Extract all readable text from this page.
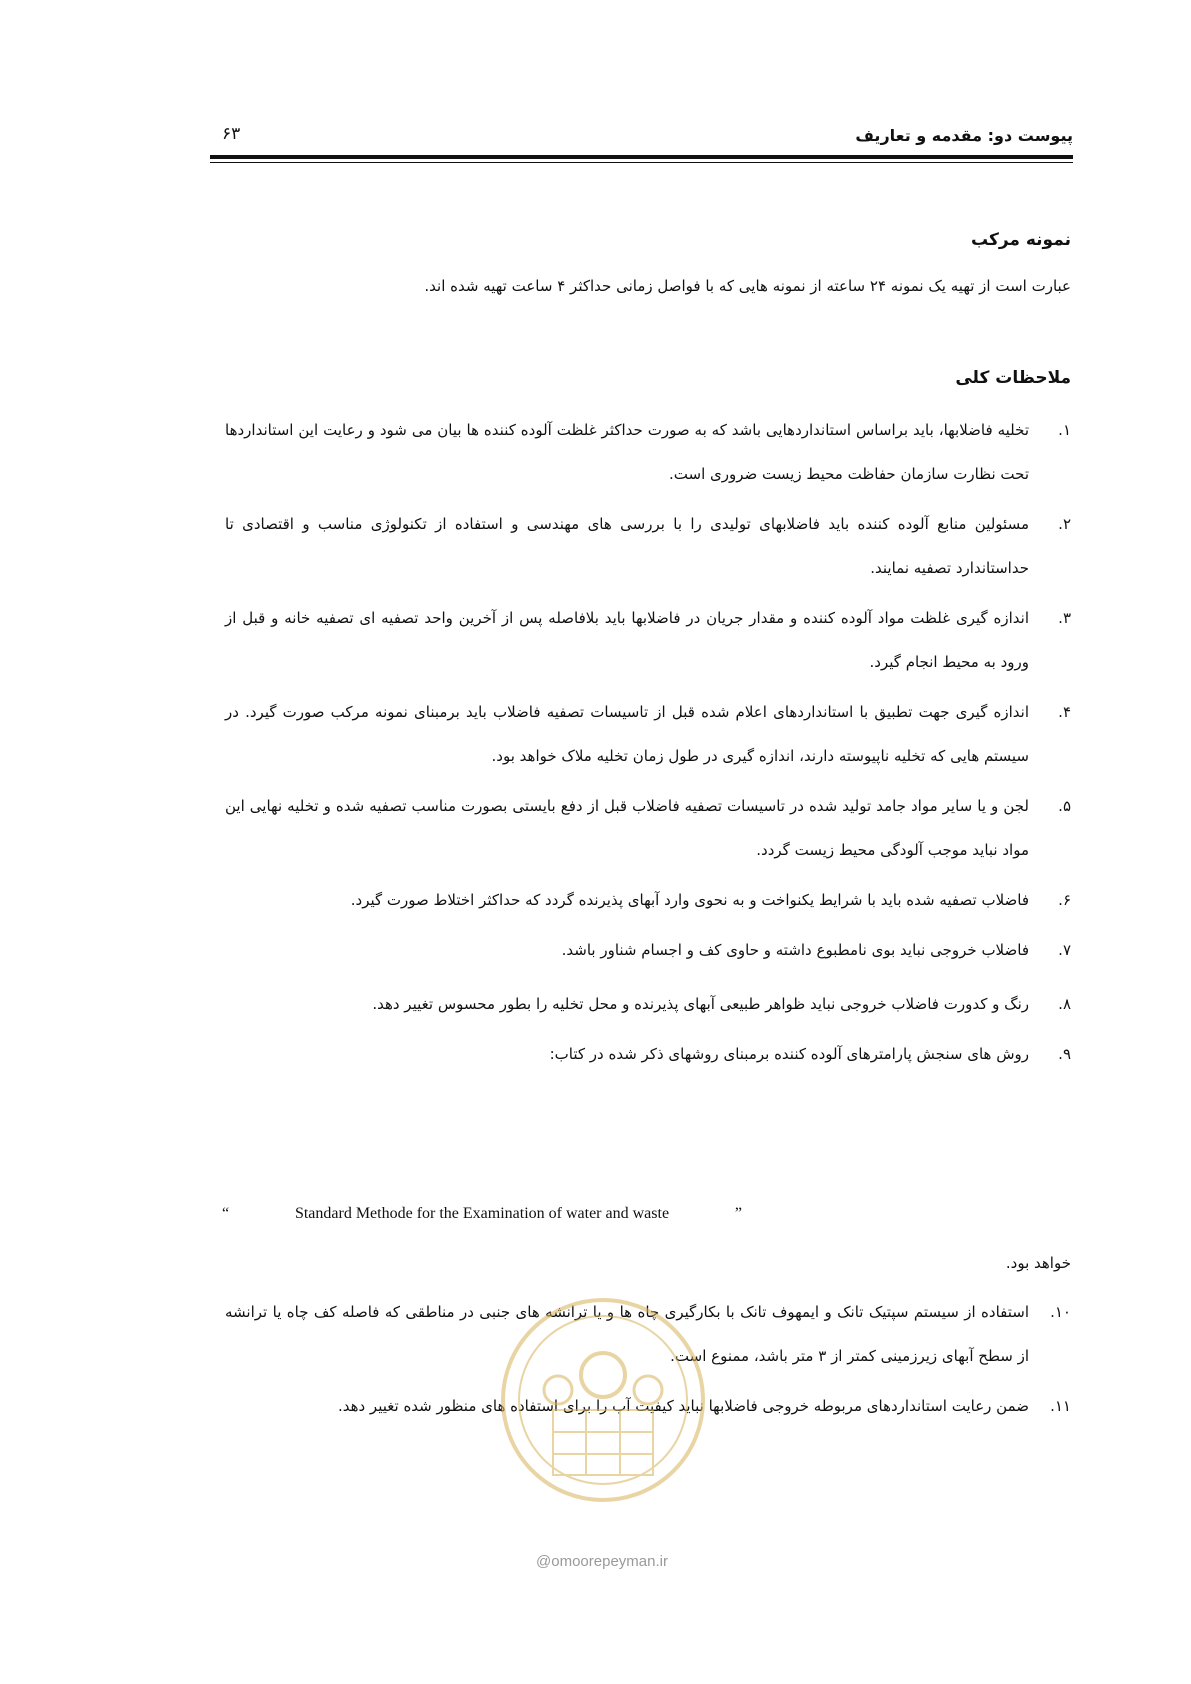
پیوست دو: مقدمه و تعاریف
۶۳
نمونه مرکب

عبارت است از تهیه یک نمونه ۲۴ ساعته از نمونه هایی که با فواصل زمانی حداکثر ۴ ساعت تهیه شده اند.

ملاحظات کلی
۱.
تخلیه فاضلابها، باید براساس استانداردهایی باشد که به صورت حداکثر غلظت آلوده کننده ها بیان می شود و رعایت این استانداردها تحت نظارت سازمان حفاظت محیط زیست ضروری است.
۲.
مسئولین منابع آلوده کننده باید فاضلابهای تولیدی را با بررسی های مهندسی و استفاده از تکنولوژی مناسب و اقتصادی تا حداستاندارد تصفیه نمایند.
۳.
اندازه گیری غلظت مواد آلوده کننده و مقدار جریان در فاضلابها باید بلافاصله پس از آخرین واحد تصفیه ای تصفیه خانه و قبل از ورود به محیط انجام گیرد.
۴.
اندازه گیری جهت تطبیق با استانداردهای اعلام شده قبل از تاسیسات تصفیه فاضلاب باید برمبنای نمونه مرکب صورت گیرد. در سیستم هایی که تخلیه ناپیوسته دارند، اندازه گیری در طول زمان تخلیه ملاک خواهد بود.
۵.
لجن و یا سایر مواد جامد تولید شده در تاسیسات تصفیه فاضلاب قبل از دفع بایستی بصورت مناسب تصفیه شده و تخلیه نهایی این مواد نباید موجب آلودگی محیط زیست گردد.
۶.
فاضلاب تصفیه شده باید با شرایط یکنواخت و به نحوی وارد آبهای پذیرنده گردد که حداکثر اختلاط صورت گیرد.
۷.
فاضلاب خروجی نباید بوی نامطبوع داشته و حاوی کف و اجسام شناور باشد.
۸.
رنگ و کدورت فاضلاب خروجی نباید ظواهر طبیعی آبهای پذیرنده و محل تخلیه را بطور محسوس تغییر دهد.
۹.
روش های سنجش پارامترهای آلوده کننده برمبنای روشهای ذکر شده در کتاب:
“	Standard Methode for the Examination of water and waste	”

خواهد بود.

۱۰.
استفاده از سیستم سپتیک تانک و ایمهوف تانک با بکارگیری چاه ها و یا ترانشه های جنبی در مناطقی که فاصله کف چاه یا ترانشه از سطح آبهای زیرزمینی کمتر از ۳ متر باشد، ممنوع است.
۱۱.
ضمن رعایت استانداردهای مربوطه خروجی فاضلابها نباید کیفیت آب را برای استفاده های منظور شده تغییر دهد.
@omoorepeyman.ir
